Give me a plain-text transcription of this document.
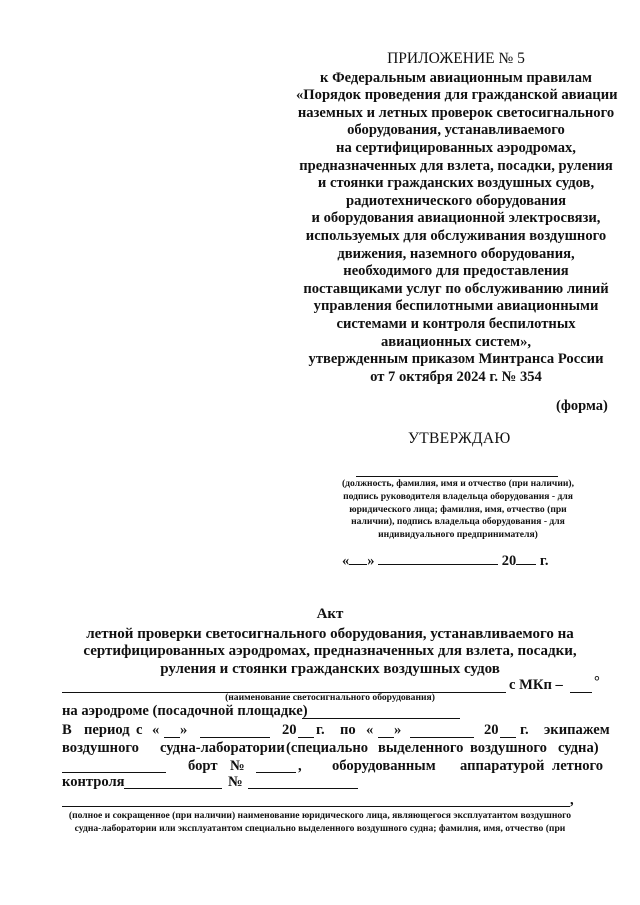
ПРИЛОЖЕНИЕ № 5
к Федеральным авиационным правилам
«Порядок проведения для гражданской авиации
наземных и летных проверок светосигнального
оборудования, устанавливаемого
на сертифицированных аэродромах,
предназначенных для взлета, посадки, руления
и стоянки гражданских воздушных судов,
радиотехнического оборудования
и оборудования авиационной электросвязи,
используемых для обслуживания воздушного
движения, наземного оборудования,
необходимого для предоставления
поставщиками услуг по обслуживанию линий
управления беспилотными авиационными
системами и контроля беспилотных
авиационных систем»,
утвержденным приказом Минтранса России
от 7 октября 2024 г. № 354
(форма)
УТВЕРЖДАЮ
(должность, фамилия, имя и отчество (при наличии),
подпись руководителя владельца оборудования - для
юридического лица; фамилия, имя, отчество (при
наличии), подпись владельца оборудования - для
индивидуального предпринимателя)
« »	20 г.
Акт
летной проверки светосигнального оборудования, устанавливаемого на
сертифицированных аэродромах, предназначенных для взлета, посадки,
руления и стоянки гражданских воздушных судов
с МКп – °
(наименование светосигнального оборудования)
на аэродроме (посадочной площадке)
В период с « »	20 г. по « »	20 г. экипажем
воздушного судна-лаборатории (специально выделенного воздушного судна)
борт №	, оборудованным аппаратурой летного
контроля	№
,
(полное и сокращенное (при наличии) наименование юридического лица, являющегося эксплуатантом воздушного
судна-лаборатории или эксплуатантом специально выделенного воздушного судна; фамилия, имя, отчество (при
